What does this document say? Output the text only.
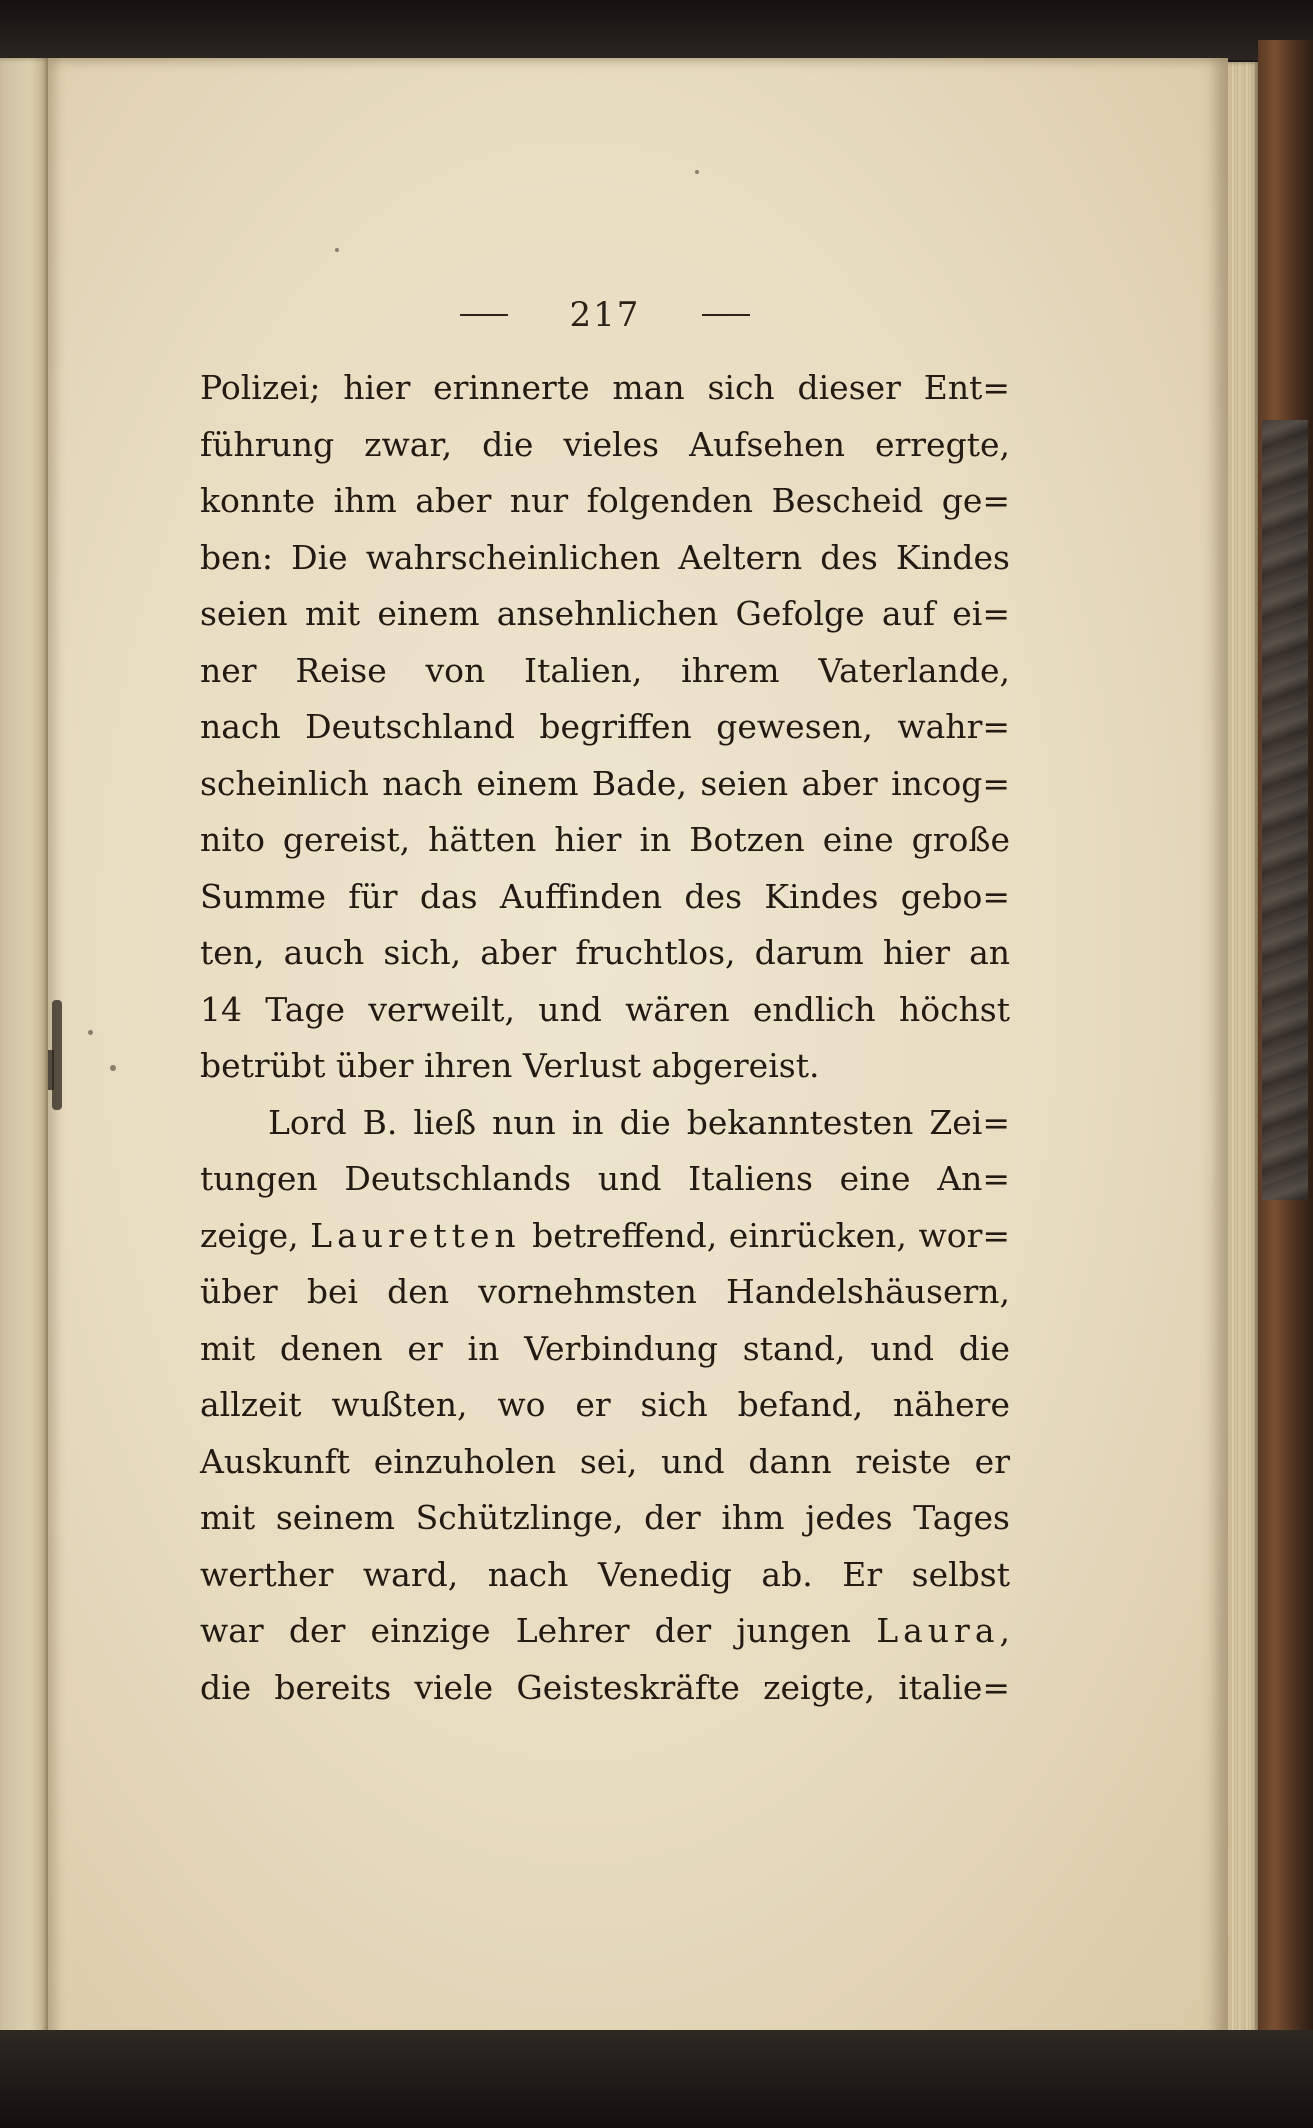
217
Polizei; hier erinnerte man sich dieser Ent=
führung zwar, die vieles Aufsehen erregte,
konnte ihm aber nur folgenden Bescheid ge=
ben: Die wahrscheinlichen Aeltern des Kindes
seien mit einem ansehnlichen Gefolge auf ei=
ner Reise von Italien, ihrem Vaterlande,
nach Deutschland begriffen gewesen, wahr=
scheinlich nach einem Bade, seien aber incog=
nito gereist, hätten hier in Botzen eine große
Summe für das Auffinden des Kindes gebo=
ten, auch sich, aber fruchtlos, darum hier an
14 Tage verweilt, und wären endlich höchst
betrübt über ihren Verlust abgereist.
Lord B. ließ nun in die bekanntesten Zei=
tungen Deutschlands und Italiens eine An=
zeige, Lauretten betreffend, einrücken, wor=
über bei den vornehmsten Handelshäusern,
mit denen er in Verbindung stand, und die
allzeit wußten, wo er sich befand, nähere
Auskunft einzuholen sei, und dann reiste er
mit seinem Schützlinge, der ihm jedes Tages
werther ward, nach Venedig ab. Er selbst
war der einzige Lehrer der jungen Laura,
die bereits viele Geisteskräfte zeigte, italie=
